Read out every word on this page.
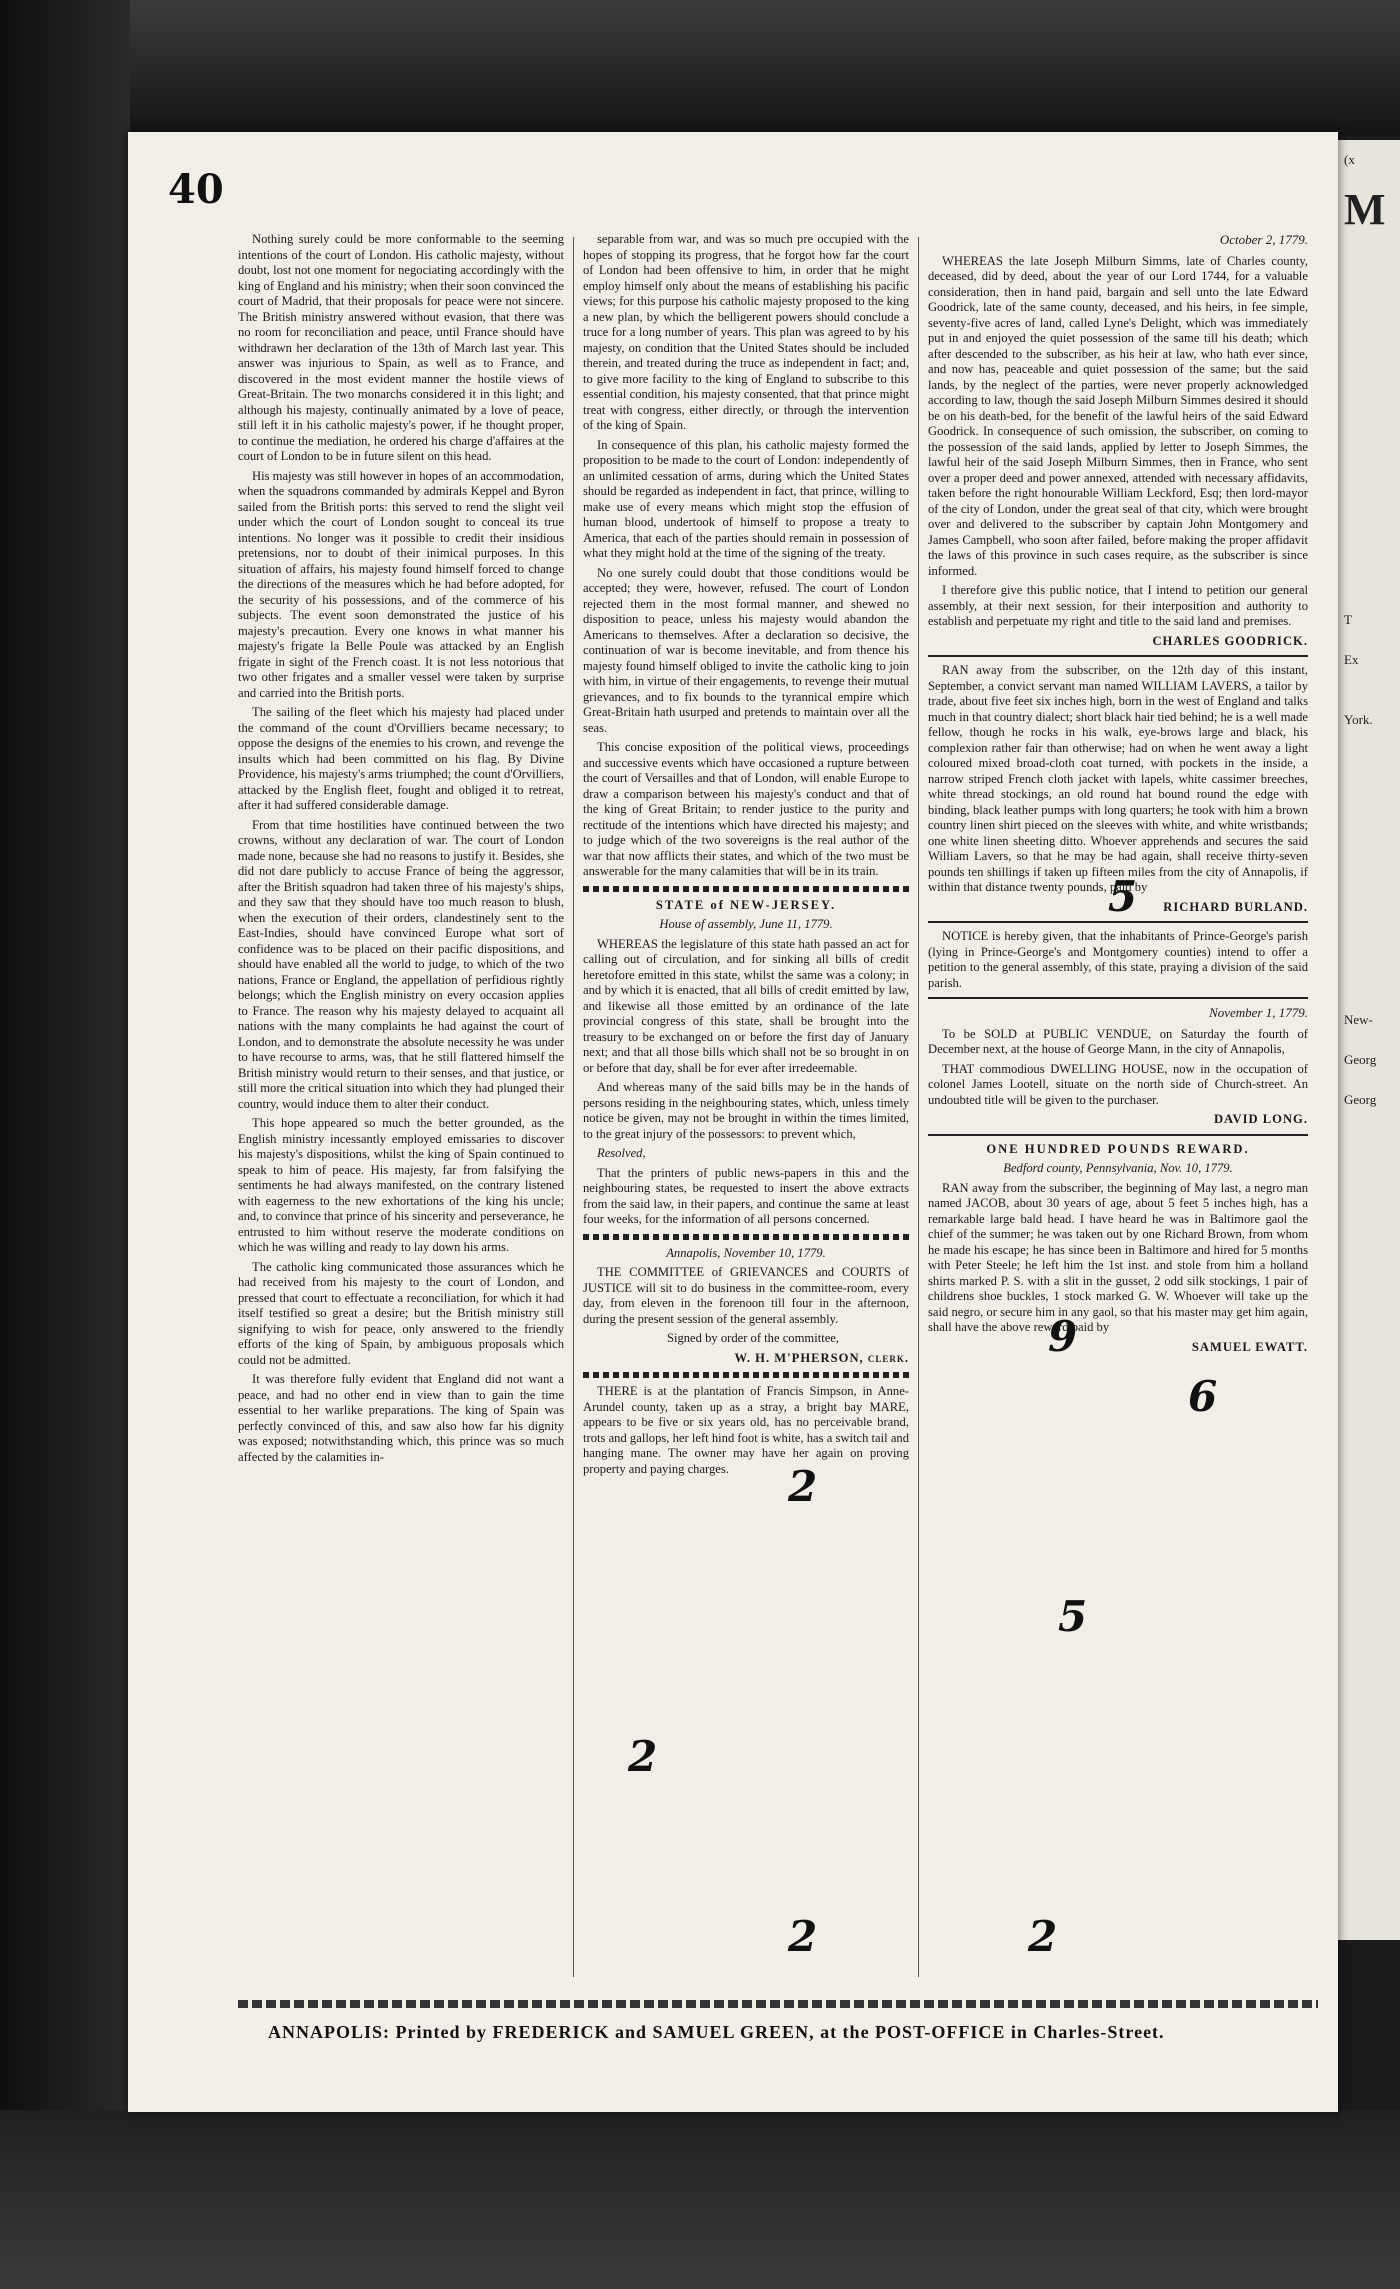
(x
M
T
Ex
York.
New-
Georg
Georg
40

Nothing surely could be more conformable to the seeming intentions of the court of London. His catholic majesty, without doubt, lost not one moment for negociating accordingly with the king of England and his ministry; when their soon convinced the court of Madrid, that their proposals for peace were not sincere. The British ministry answered without evasion, that there was no room for reconciliation and peace, until France should have withdrawn her declaration of the 13th of March last year. This answer was injurious to Spain, as well as to France, and discovered in the most evident manner the hostile views of Great-Britain. The two monarchs considered it in this light; and although his majesty, continually animated by a love of peace, still left it in his catholic majesty's power, if he thought proper, to continue the mediation, he ordered his charge d'affaires at the court of London to be in future silent on this head.

His majesty was still however in hopes of an accommodation, when the squadrons commanded by admirals Keppel and Byron sailed from the British ports: this served to rend the slight veil under which the court of London sought to conceal its true intentions. No longer was it possible to credit their insidious pretensions, nor to doubt of their inimical purposes. In this situation of affairs, his majesty found himself forced to change the directions of the measures which he had before adopted, for the security of his possessions, and of the commerce of his subjects. The event soon demonstrated the justice of his majesty's precaution. Every one knows in what manner his majesty's frigate la Belle Poule was attacked by an English frigate in sight of the French coast. It is not less notorious that two other frigates and a smaller vessel were taken by surprise and carried into the British ports.

The sailing of the fleet which his majesty had placed under the command of the count d'Orvilliers became necessary; to oppose the designs of the enemies to his crown, and revenge the insults which had been committed on his flag. By Divine Providence, his majesty's arms triumphed; the count d'Orvilliers, attacked by the English fleet, fought and obliged it to retreat, after it had suffered considerable damage.

From that time hostilities have continued between the two crowns, without any declaration of war. The court of London made none, because she had no reasons to justify it. Besides, she did not dare publicly to accuse France of being the aggressor, after the British squadron had taken three of his majesty's ships, and they saw that they should have too much reason to blush, when the execution of their orders, clandestinely sent to the East-Indies, should have convinced Europe what sort of confidence was to be placed on their pacific dispositions, and should have enabled all the world to judge, to which of the two nations, France or England, the appellation of perfidious rightly belongs; which the English ministry on every occasion applies to France. The reason why his majesty delayed to acquaint all nations with the many complaints he had against the court of London, and to demonstrate the absolute necessity he was under to have recourse to arms, was, that he still flattered himself the British ministry would return to their senses, and that justice, or still more the critical situation into which they had plunged their country, would induce them to alter their conduct.

This hope appeared so much the better grounded, as the English ministry incessantly employed emissaries to discover his majesty's dispositions, whilst the king of Spain continued to speak to him of peace. His majesty, far from falsifying the sentiments he had always manifested, on the contrary listened with eagerness to the new exhortations of the king his uncle; and, to convince that prince of his sincerity and perseverance, he entrusted to him without reserve the moderate conditions on which he was willing and ready to lay down his arms.

The catholic king communicated those assurances which he had received from his majesty to the court of London, and pressed that court to effectuate a reconciliation, for which it had itself testified so great a desire; but the British ministry still signifying to wish for peace, only answered to the friendly efforts of the king of Spain, by ambiguous proposals which could not be admitted.

It was therefore fully evident that England did not want a peace, and had no other end in view than to gain the time essential to her warlike preparations. The king of Spain was perfectly convinced of this, and saw also how far his dignity was exposed; notwithstanding which, this prince was so much affected by the calamities in-

separable from war, and was so much pre occupied with the hopes of stopping its progress, that he forgot how far the court of London had been offensive to him, in order that he might employ himself only about the means of establishing his pacific views; for this purpose his catholic majesty proposed to the king a new plan, by which the belligerent powers should conclude a truce for a long number of years. This plan was agreed to by his majesty, on condition that the United States should be included therein, and treated during the truce as independent in fact; and, to give more facility to the king of England to subscribe to this essential condition, his majesty consented, that that prince might treat with congress, either directly, or through the intervention of the king of Spain.

In consequence of this plan, his catholic majesty formed the proposition to be made to the court of London: independently of an unlimited cessation of arms, during which the United States should be regarded as independent in fact, that prince, willing to make use of every means which might stop the effusion of human blood, undertook of himself to propose a treaty to America, that each of the parties should remain in possession of what they might hold at the time of the signing of the treaty.

No one surely could doubt that those conditions would be accepted; they were, however, refused. The court of London rejected them in the most formal manner, and shewed no disposition to peace, unless his majesty would abandon the Americans to themselves. After a declaration so decisive, the continuation of war is become inevitable, and from thence his majesty found himself obliged to invite the catholic king to join with him, in virtue of their engagements, to revenge their mutual grievances, and to fix bounds to the tyrannical empire which Great-Britain hath usurped and pretends to maintain over all the seas.

This concise exposition of the political views, proceedings and successive events which have occasioned a rupture between the court of Versailles and that of London, will enable Europe to draw a comparison between his majesty's conduct and that of the king of Great Britain; to render justice to the purity and rectitude of the intentions which have directed his majesty; and to judge which of the two sovereigns is the real author of the war that now afflicts their states, and which of the two must be answerable for the many calamities that will be in its train.

STATE of NEW-JERSEY.
House of assembly, June 11, 1779.

WHEREAS the legislature of this state hath passed an act for calling out of circulation, and for sinking all bills of credit heretofore emitted in this state, whilst the same was a colony; in and by which it is enacted, that all bills of credit emitted by law, and likewise all those emitted by an ordinance of the late provincial congress of this state, shall be brought into the treasury to be exchanged on or before the first day of January next; and that all those bills which shall not be so brought in on or before that day, shall be for ever after irredeemable.

And whereas many of the said bills may be in the hands of persons residing in the neighbouring states, which, unless timely notice be given, may not be brought in within the times limited, to the great injury of the possessors: to prevent which,

Resolved,

That the printers of public news-papers in this and the neighbouring states, be requested to insert the above extracts from the said law, in their papers, and continue the same at least four weeks, for the information of all persons concerned.

Annapolis, November 10, 1779.

THE COMMITTEE of GRIEVANCES and COURTS of JUSTICE will sit to do business in the committee-room, every day, from eleven in the forenoon till four in the afternoon, during the present session of the general assembly.

Signed by order of the committee,

W. H. M'PHERSON, clerk.

THERE is at the plantation of Francis Simpson, in Anne-Arundel county, taken up as a stray, a bright bay MARE, appears to be five or six years old, has no perceivable brand, trots and gallops, her left hind foot is white, has a switch tail and hanging mane. The owner may have her again on proving property and paying charges.

October 2, 1779.

WHEREAS the late Joseph Milburn Simms, late of Charles county, deceased, did by deed, about the year of our Lord 1744, for a valuable consideration, then in hand paid, bargain and sell unto the late Edward Goodrick, late of the same county, deceased, and his heirs, in fee simple, seventy-five acres of land, called Lyne's Delight, which was immediately put in and enjoyed the quiet possession of the same till his death; which after descended to the subscriber, as his heir at law, who hath ever since, and now has, peaceable and quiet possession of the same; but the said lands, by the neglect of the parties, were never properly acknowledged according to law, though the said Joseph Milburn Simmes desired it should be on his death-bed, for the benefit of the lawful heirs of the said Edward Goodrick. In consequence of such omission, the subscriber, on coming to the possession of the said lands, applied by letter to Joseph Simmes, the lawful heir of the said Joseph Milburn Simmes, then in France, who sent over a proper deed and power annexed, attended with necessary affidavits, taken before the right honourable William Leckford, Esq; then lord-mayor of the city of London, under the great seal of that city, which were brought over and delivered to the subscriber by captain John Montgomery and James Campbell, who soon after failed, before making the proper affidavit the laws of this province in such cases require, as the subscriber is since informed.

I therefore give this public notice, that I intend to petition our general assembly, at their next session, for their interposition and authority to establish and perpetuate my right and title to the said land and premises.

CHARLES GOODRICK.

RAN away from the subscriber, on the 12th day of this instant, September, a convict servant man named WILLIAM LAVERS, a tailor by trade, about five feet six inches high, born in the west of England and talks much in that country dialect; short black hair tied behind; he is a well made fellow, though he rocks in his walk, eye-brows large and black, his complexion rather fair than otherwise; had on when he went away a light coloured mixed broad-cloth coat turned, with pockets in the inside, a narrow striped French cloth jacket with lapels, white cassimer breeches, white thread stockings, an old round hat bound round the edge with binding, black leather pumps with long quarters; he took with him a brown country linen shirt pieced on the sleeves with white, and white wristbands; one white linen sheeting ditto. Whoever apprehends and secures the said William Lavers, so that he may be had again, shall receive thirty-seven pounds ten shillings if taken up fifteen miles from the city of Annapolis, if within that distance twenty pounds, paid by

RICHARD BURLAND.

NOTICE is hereby given, that the inhabitants of Prince-George's parish (lying in Prince-George's and Montgomery counties) intend to offer a petition to the general assembly, of this state, praying a division of the said parish.

November 1, 1779.

To be SOLD at PUBLIC VENDUE, on Saturday the fourth of December next, at the house of George Mann, in the city of Annapolis,

THAT commodious DWELLING HOUSE, now in the occupation of colonel James Lootell, situate on the north side of Church-street. An undoubted title will be given to the purchaser.

DAVID LONG.
ONE HUNDRED POUNDS REWARD.
Bedford county, Pennsylvania, Nov. 10, 1779.

RAN away from the subscriber, the beginning of May last, a negro man named JACOB, about 30 years of age, about 5 feet 5 inches high, has a remarkable large bald head. I have heard he was in Baltimore gaol the chief of the summer; he was taken out by one Richard Brown, from whom he made his escape; he has since been in Baltimore and hired for 5 months with Peter Steele; he left him the 1st inst. and stole from him a holland shirts marked P. S. with a slit in the gusset, 2 odd silk stockings, 1 pair of childrens shoe buckles, 1 stock marked G. W. Whoever will take up the said negro, or secure him in any gaol, so that his master may get him again, shall have the above reward paid by

SAMUEL EWATT.
ANNAPOLIS: Printed by FREDERICK and SAMUEL GREEN, at the POST-OFFICE in Charles-Street.
5
2
2
2	2
9
5
6
